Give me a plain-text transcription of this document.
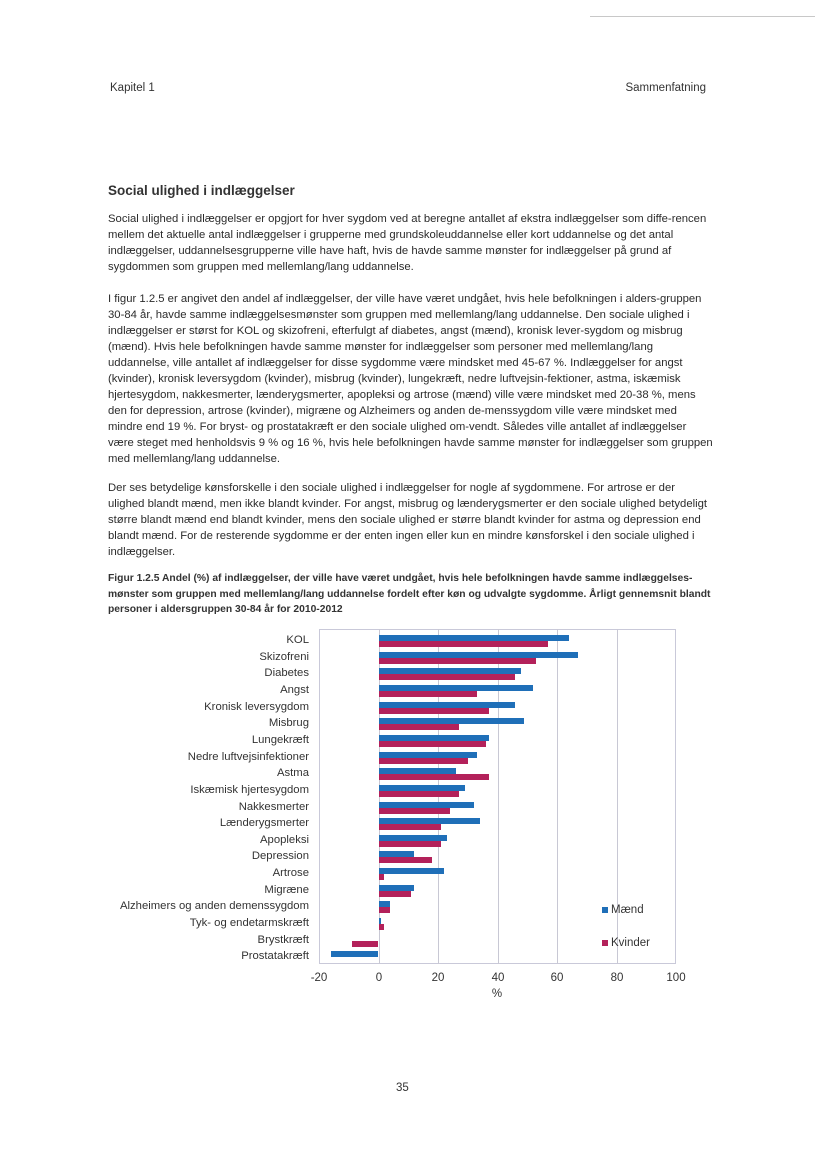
Kapitel 1	Sammenfatning
Social ulighed i indlæggelser
Social ulighed i indlæggelser er opgjort for hver sygdom ved at beregne antallet af ekstra indlæggelser som diffe-rencen mellem det aktuelle antal indlæggelser i grupperne med grundskoleuddannelse eller kort uddannelse og det antal indlæggelser, uddannelsesgrupperne ville have haft, hvis de havde samme mønster for indlæggelser på grund af sygdommen som gruppen med mellemlang/lang uddannelse.
I figur 1.2.5 er angivet den andel af indlæggelser, der ville have været undgået, hvis hele befolkningen i alders-gruppen 30-84 år, havde samme indlæggelsesmønster som gruppen med mellemlang/lang uddannelse. Den sociale ulighed i indlæggelser er størst for KOL og skizofreni, efterfulgt af diabetes, angst (mænd), kronisk lever-sygdom og misbrug (mænd). Hvis hele befolkningen havde samme mønster for indlæggelser som personer med mellemlang/lang uddannelse, ville antallet af indlæggelser for disse sygdomme være mindsket med 45-67 %. Indlæggelser for angst (kvinder), kronisk leversygdom (kvinder), misbrug (kvinder), lungekræft, nedre luftvejsin-fektioner, astma, iskæmisk hjertesygdom, nakkesmerter, lænderygsmerter, apopleksi og artrose (mænd) ville være mindsket med 20-38 %, mens den for depression, artrose (kvinder), migræne og Alzheimers og anden de-menssygdom ville være mindsket med mindre end 19 %. For bryst- og prostatakræft er den sociale ulighed om-vendt. Således ville antallet af indlæggelser være steget med henholdsvis 9 % og 16 %, hvis hele befolkningen havde samme mønster for indlæggelser som gruppen med mellemlang/lang uddannelse.
Der ses betydelige kønsforskelle i den sociale ulighed i indlæggelser for nogle af sygdommene. For artrose er der ulighed blandt mænd, men ikke blandt kvinder. For angst, misbrug og lænderygsmerter er den sociale ulighed betydeligt større blandt mænd end blandt kvinder, mens den sociale ulighed er større blandt kvinder for astma og depression end blandt mænd. For de resterende sygdomme er der enten ingen eller kun en mindre kønsforskel i den sociale ulighed i indlæggelser.
Figur 1.2.5 Andel (%) af indlæggelser, der ville have været undgået, hvis hele befolkningen havde samme indlæggelses-mønster som gruppen med mellemlang/lang uddannelse fordelt efter køn og udvalgte sygdomme. Årligt gennemsnit blandt personer i aldersgruppen 30-84 år for 2010-2012
-20	0	20	40	60	80	100
KOL
Skizofreni
Diabetes
Angst
Kronisk leversygdom
Misbrug
Lungekræft
Nedre luftvejsinfektioner
Astma
Iskæmisk hjertesygdom
Nakkesmerter
Lænderygsmerter
Apopleksi
Depression
Artrose
Migræne
Alzheimers og anden demenssygdom
Tyk- og endetarmskræft
Brystkræft
Prostatakræft
%
Mænd
Kvinder
35
